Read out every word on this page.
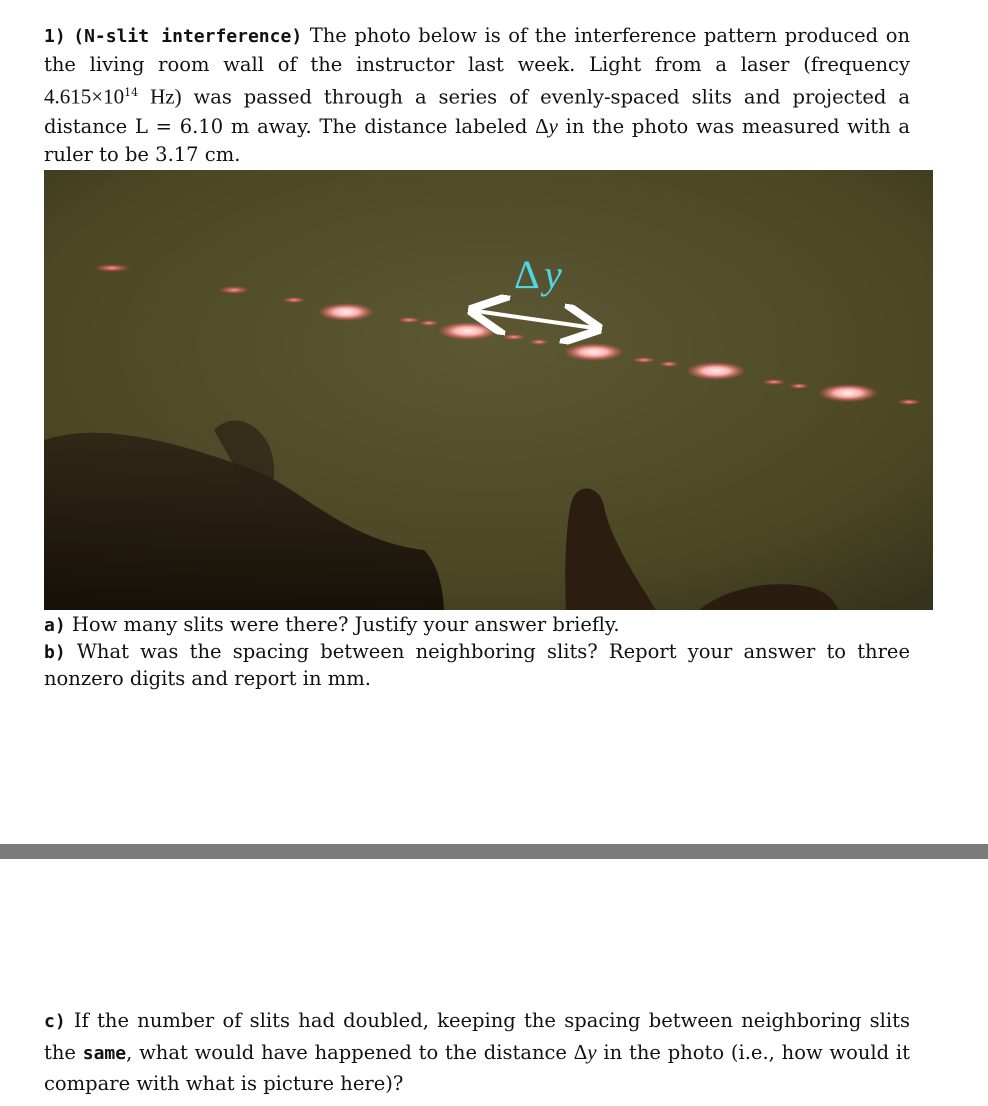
1) (N-slit interference) The photo below is of the interference pattern produced on the living room wall of the instructor last week. Light from a laser (frequency $4.615\times 10^{14}$ Hz) was passed through a series of evenly-spaced slits and projected a distance L = 6.10 m away. The distance labeled Δy in the photo was measured with a ruler to be 3.17 cm.

Δ y

a) How many slits were there? Justify your answer briefly.
b) What was the spacing between neighboring slits? Report your answer to three nonzero digits and report in mm.

c) If the number of slits had doubled, keeping the spacing between neighboring slits the same, what would have happened to the distance Δy in the photo (i.e., how would it compare with what is picture here)?
